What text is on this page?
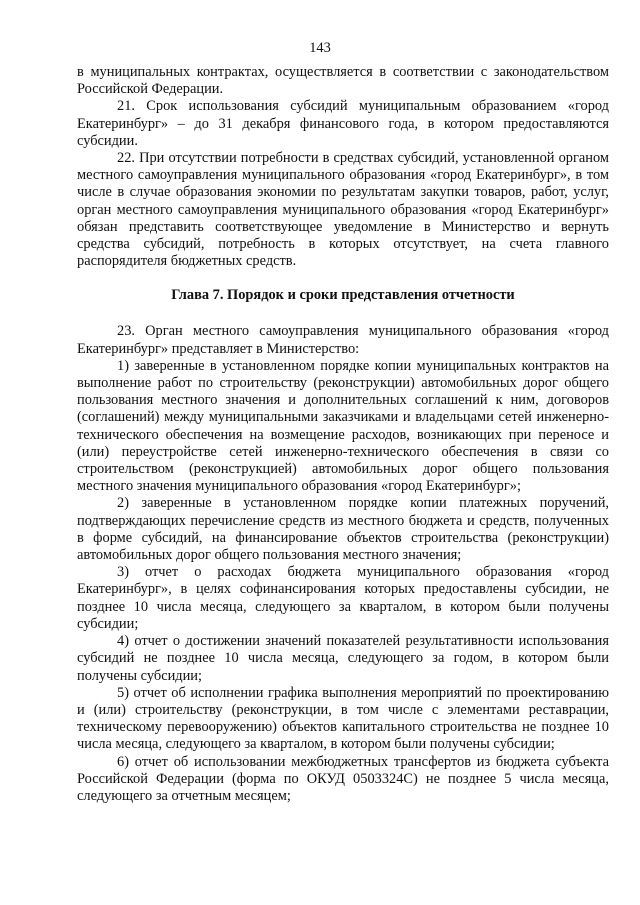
143

в муниципальных контрактах, осуществляется в соответствии с законодательством Российской Федерации.

21. Срок использования субсидий муниципальным образованием «город Екатеринбург» – до 31 декабря финансового года, в котором предоставляются субсидии.

22. При отсутствии потребности в средствах субсидий, установленной органом местного самоуправления муниципального образования «город Екатеринбург», в том числе в случае образования экономии по результатам закупки товаров, работ, услуг, орган местного самоуправления муниципального образования «город Екатеринбург» обязан представить соответствующее уведомление в Министерство и вернуть средства субсидий, потребность в которых отсутствует, на счета главного распорядителя бюджетных средств.

Глава 7. Порядок и сроки представления отчетности

23. Орган местного самоуправления муниципального образования «город Екатеринбург» представляет в Министерство:

1) заверенные в установленном порядке копии муниципальных контрактов на выполнение работ по строительству (реконструкции) автомобильных дорог общего пользования местного значения и дополнительных соглашений к ним, договоров (соглашений) между муниципальными заказчиками и владельцами сетей инженерно-технического обеспечения на возмещение расходов, возникающих при переносе и (или) переустройстве сетей инженерно-технического обеспечения в связи со строительством (реконструкцией) автомобильных дорог общего пользования местного значения муниципального образования «город Екатеринбург»;

2) заверенные в установленном порядке копии платежных поручений, подтверждающих перечисление средств из местного бюджета и средств, полученных в форме субсидий, на финансирование объектов строительства (реконструкции) автомобильных дорог общего пользования местного значения;

3) отчет о расходах бюджета муниципального образования «город Екатеринбург», в целях софинансирования которых предоставлены субсидии, не позднее 10 числа месяца, следующего за кварталом, в котором были получены субсидии;

4) отчет о достижении значений показателей результативности использования субсидий не позднее 10 числа месяца, следующего за годом, в котором были получены субсидии;

5) отчет об исполнении графика выполнения мероприятий по проектированию и (или) строительству (реконструкции, в том числе с элементами реставрации, техническому перевооружению) объектов капитального строительства не позднее 10 числа месяца, следующего за кварталом, в котором были получены субсидии;

6) отчет об использовании межбюджетных трансфертов из бюджета субъекта Российской Федерации (форма по ОКУД 0503324С) не позднее 5 числа месяца, следующего за отчетным месяцем;
